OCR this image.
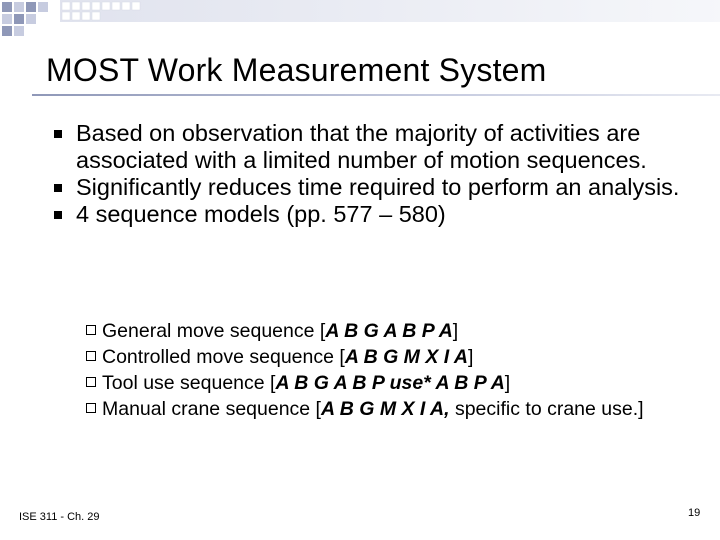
MOST Work Measurement System
Based on observation that the majority of activities are associated with a limited number of motion sequences.
Significantly reduces time required to perform an analysis.
4 sequence models (pp. 577 – 580)
General move sequence [A B G A B P A]
Controlled move sequence [A B G M X I A]
Tool use sequence [A B G A B P use* A B P A]
Manual crane sequence [A B G M X I A, specific to crane use.]
ISE 311 - Ch. 29	19
